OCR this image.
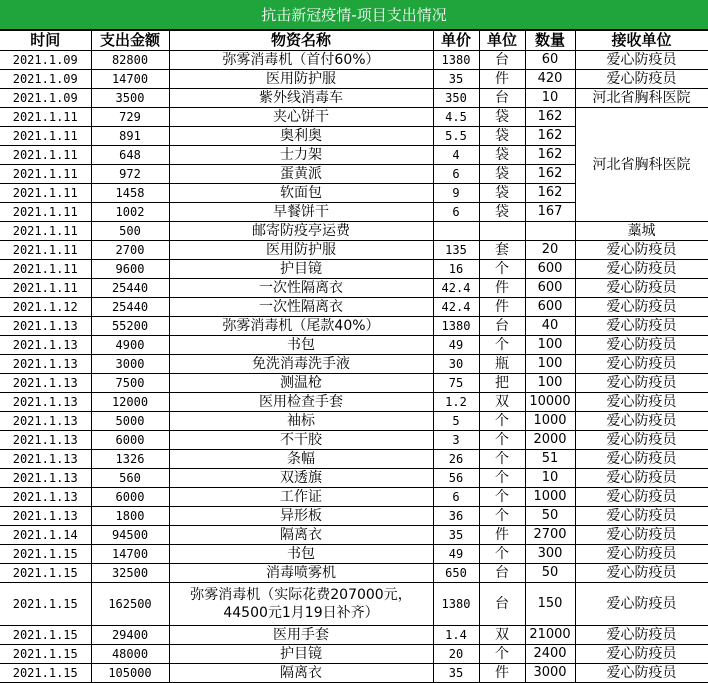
抗击新冠疫情-项目支出情况
时间	支出金额	物资名称	单价	单位	数量	接收单位
2021.1.09	82800	弥雾消毒机（首付60%）	1380	台	60	爱心防疫员
2021.1.09	14700	医用防护服	35	件	420	爱心防疫员
2021.1.09	3500	紫外线消毒车	350	台	10	河北省胸科医院
2021.1.11	729	夹心饼干	4.5	袋	162	河北省胸科医院
2021.1.11	891	奥利奥	5.5	袋	162	
2021.1.11	648	士力架	4	袋	162	
2021.1.11	972	蛋黄派	6	袋	162	
2021.1.11	1458	软面包	9	袋	162	
2021.1.11	1002	早餐饼干	6	袋	167	
2021.1.11	500	邮寄防疫亭运费				藁城
2021.1.11	2700	医用防护服	135	套	20	爱心防疫员
2021.1.11	9600	护目镜	16	个	600	爱心防疫员
2021.1.11	25440	一次性隔离衣	42.4	件	600	爱心防疫员
2021.1.12	25440	一次性隔离衣	42.4	件	600	爱心防疫员
2021.1.13	55200	弥雾消毒机（尾款40%）	1380	台	40	爱心防疫员
2021.1.13	4900	书包	49	个	100	爱心防疫员
2021.1.13	3000	免洗消毒洗手液	30	瓶	100	爱心防疫员
2021.1.13	7500	测温枪	75	把	100	爱心防疫员
2021.1.13	12000	医用检查手套	1.2	双	10000	爱心防疫员
2021.1.13	5000	袖标	5	个	1000	爱心防疫员
2021.1.13	6000	不干胶	3	个	2000	爱心防疫员
2021.1.13	1326	条幅	26	个	51	爱心防疫员
2021.1.13	560	双透旗	56	个	10	爱心防疫员
2021.1.13	6000	工作证	6	个	1000	爱心防疫员
2021.1.13	1800	异形板	36	个	50	爱心防疫员
2021.1.14	94500	隔离衣	35	件	2700	爱心防疫员
2021.1.15	14700	书包	49	个	300	爱心防疫员
2021.1.15	32500	消毒喷雾机	650	台	50	爱心防疫员
2021.1.15	162500	弥雾消毒机（实际花费207000元，44500元1月19日补齐）	1380	台	150	爱心防疫员
2021.1.15	29400	医用手套	1.4	双	21000	爱心防疫员
2021.1.15	48000	护目镜	20	个	2400	爱心防疫员
2021.1.15	105000	隔离衣	35	件	3000	爱心防疫员
